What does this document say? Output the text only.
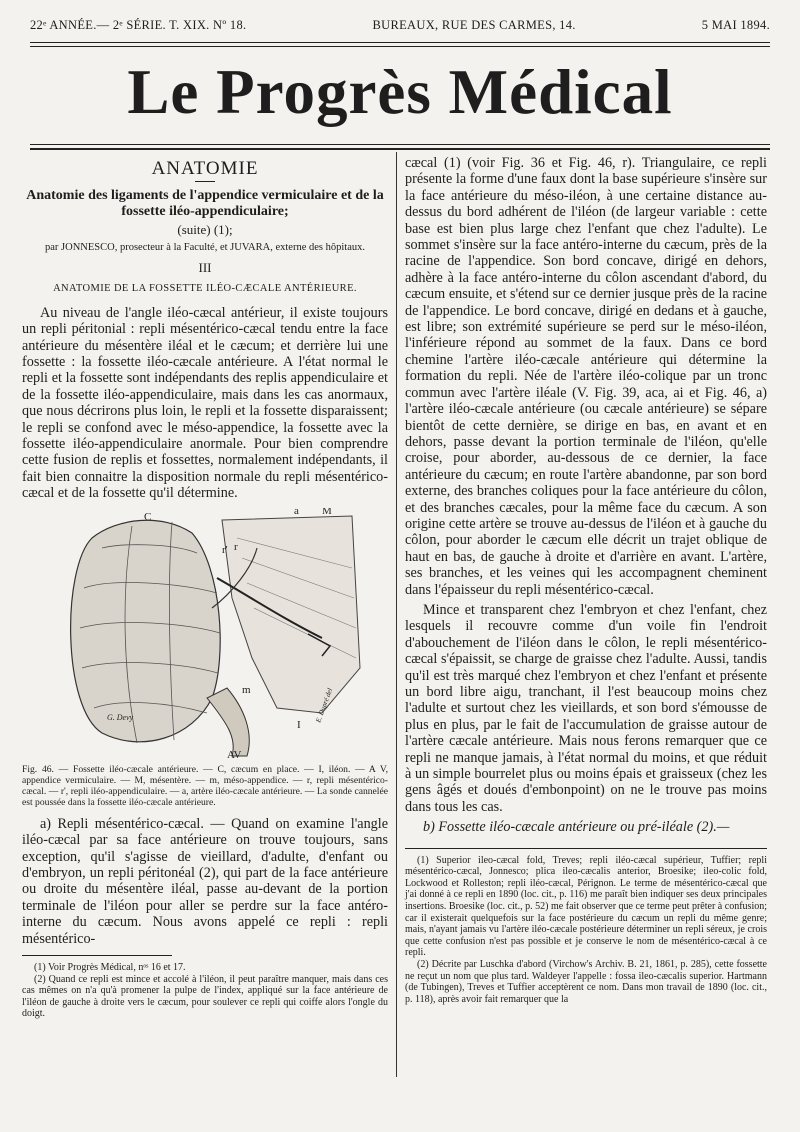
22ᵉ ANNÉE.— 2ᵉ SÉRIE. T. XIX. Nº 18.	BUREAUX, RUE DES CARMES, 14.	5 MAI 1894.
Le Progrès Médical
ANATOMIE
Anatomie des ligaments de l'appendice vermiculaire et de la fossette iléo-appendiculaire;
(suite) (1);
par JONNESCO, prosecteur à la Faculté, et JUVARA, externe des hôpitaux.
III
ANATOMIE DE LA FOSSETTE ILÉO-CÆCALE ANTÉRIEURE.

Au niveau de l'angle iléo-cæcal antérieur, il existe toujours un repli péritonial : repli mésentérico-cæcal tendu entre la face antérieure du mésentère iléal et le cæcum; et derrière lui une fossette : la fossette iléo-cæcale antérieure. A l'état normal le repli et la fossette sont indépendants des replis appendiculaire et de la fossette iléo-appendiculaire, mais dans les cas anormaux, que nous décrirons plus loin, le repli et la fossette disparaissent; le repli se confond avec le méso-appendice, la fossette avec la fossette iléo-appendiculaire anormale. Pour bien comprendre cette fusion de replis et fossettes, normalement indépendants, il fait bien connaitre la disposition normale du repli mésentérico-cæcal et de la fossette qu'il détermine.

C	M
r' r
m
a
AV
I
G. Devy	E. Dupré del
Fig. 46. — Fossette iléo-cæcale antérieure. — C, cæcum en place. — I, iléon. — A V, appendice vermiculaire. — M, mésentère. — m, méso-appendice. — r, repli mésentérico-cæcal. — r', repli iléo-appendiculaire. — a, artère iléo-cæcale antérieure. — La sonde cannelée est poussée dans la fossette iléo-cæcale antérieure.

a) Repli mésentérico-cæcal. — Quand on examine l'angle iléo-cæcal par sa face antérieure on trouve toujours, sans exception, qu'il s'agisse de vieillard, d'adulte, d'enfant ou d'embryon, un repli péritonéal (2), qui part de la face antérieure ou droite du mésentère iléal, passe au-devant de la portion terminale de l'iléon pour aller se perdre sur la face antéro-interne du cæcum. Nous avons appelé ce repli : repli mésentérico-

(1) Voir Progrès Médical, nᵒˢ 16 et 17.

(2) Quand ce repli est mince et accolé à l'iléon, il peut paraître manquer, mais dans ces cas mêmes on n'a qu'à promener la pulpe de l'index, appliqué sur la face antérieure de l'iléon de gauche à droite vers le cæcum, pour soulever ce repli qui coiffe alors l'ongle du doigt.

cæcal (1) (voir Fig. 36 et Fig. 46, r). Triangulaire, ce repli présente la forme d'une faux dont la base supérieure s'insère sur la face antérieure du méso-iléon, à une certaine distance au-dessus du bord adhérent de l'iléon (de largeur variable : cette base est bien plus large chez l'enfant que chez l'adulte). Le sommet s'insère sur la face antéro-interne du cæcum, près de la racine de l'appendice. Son bord concave, dirigé en dehors, adhère à la face antéro-interne du côlon ascendant d'abord, du cæcum ensuite, et s'étend sur ce dernier jusque près de la racine de l'appendice. Le bord concave, dirigé en dedans et à gauche, est libre; son extrémité supérieure se perd sur le méso-iléon, l'inférieure répond au sommet de la faux. Dans ce bord chemine l'artère iléo-cæcale antérieure qui détermine la formation du repli. Née de l'artère iléo-colique par un tronc commun avec l'artère iléale (V. Fig. 39, aca, ai et Fig. 46, a) l'artère iléo-cæcale antérieure (ou cæcale antérieure) se sépare bientôt de cette dernière, se dirige en bas, en avant et en dehors, passe devant la portion terminale de l'iléon, qu'elle croise, pour aborder, au-dessous de ce dernier, la face antérieure du cæcum; en route l'artère abandonne, par son bord externe, des branches coliques pour la face antérieure du côlon, et des branches cæcales, pour la même face du cæcum. A son origine cette artère se trouve au-dessus de l'iléon et à gauche du côlon, pour aborder le cæcum elle décrit un trajet oblique de haut en bas, de gauche à droite et d'arrière en avant. L'artère, ses branches, et les veines qui les accompagnent cheminent dans l'épaisseur du repli mésentérico-cæcal.

Mince et transparent chez l'embryon et chez l'enfant, chez lesquels il recouvre comme d'un voile fin l'endroit d'abouchement de l'iléon dans le côlon, le repli mésentérico-cæcal s'épaissit, se charge de graisse chez l'adulte. Aussi, tandis qu'il est très marqué chez l'embryon et chez l'enfant et présente un bord libre aigu, tranchant, il l'est beaucoup moins chez l'adulte et surtout chez les vieillards, et son bord s'émousse de plus en plus, par le fait de l'accumulation de graisse autour de l'artère cæcale antérieure. Mais nous ferons remarquer que ce repli ne manque jamais, à l'état normal du moins, et que réduit à un simple bourrelet plus ou moins épais et graisseux (chez les gens âgés et doués d'embonpoint) on ne le trouve pas moins dans tous les cas.

b) Fossette iléo-cæcale antérieure ou pré-iléale (2).—

(1) Superior ileo-cæcal fold, Treves; repli iléo-cæcal supérieur, Tuffier; repli mésentérico-cæcal, Jonnesco; plica ileo-cæcalis anterior, Broesike; ileo-colic fold, Lockwood et Rolleston; repli iléo-cæcal, Pérignon. Le terme de mésentérico-cæcal que j'ai donné à ce repli en 1890 (loc. cit., p. 116) me paraît bien indiquer ses deux principales insertions. Broesike (loc. cit., p. 52) me fait observer que ce terme peut prêter à confusion; car il existerait quelquefois sur la face postérieure du cæcum un repli du même genre; mais, n'ayant jamais vu l'artère iléo-cæcale postérieure déterminer un repli séreux, je crois que cette confusion n'est pas possible et je conserve le nom de mésentérico-cæcal à ce repli.

(2) Décrite par Luschka d'abord (Virchow's Archiv. B. 21, 1861, p. 285), cette fossette ne reçut un nom que plus tard. Waldeyer l'appelle : fossa ileo-cæcalis superior. Hartmann (de Tubingen), Treves et Tuffier acceptèrent ce nom. Dans mon travail de 1890 (loc. cit., p. 118), après avoir fait remarquer que la
